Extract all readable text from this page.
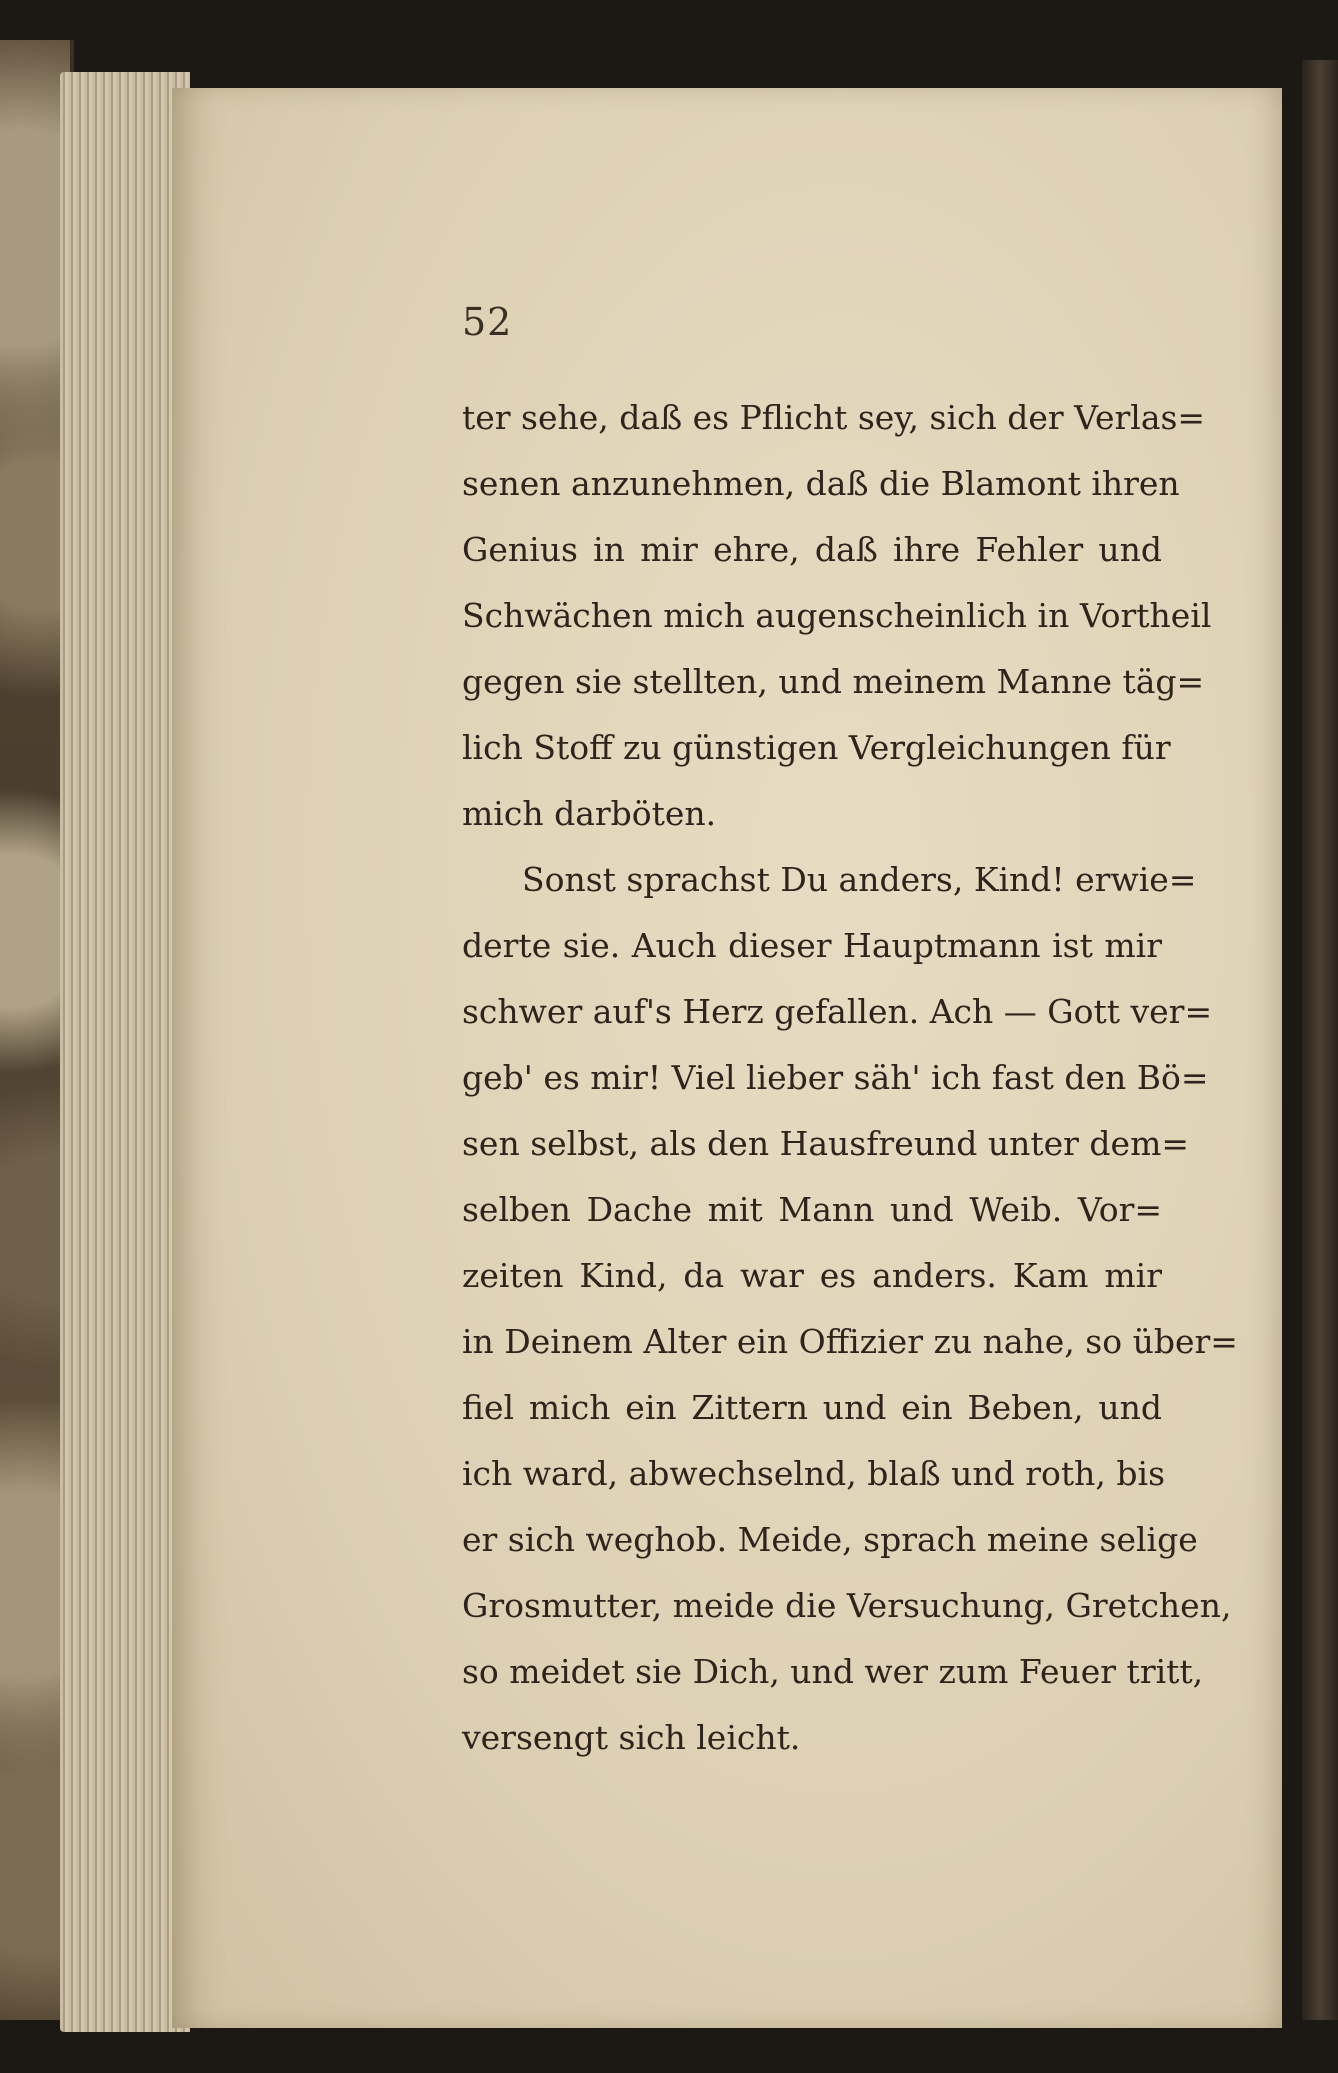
52
ter sehe, daß es Pflicht sey, sich der Verlas=
senen anzunehmen, daß die Blamont ihren
Genius in mir ehre, daß ihre Fehler und
Schwächen mich augenscheinlich in Vortheil
gegen sie stellten, und meinem Manne täg=
lich Stoff zu günstigen Vergleichungen für
mich darböten.
Sonst sprachst Du anders, Kind! erwie=
derte sie. Auch dieser Hauptmann ist mir
schwer auf's Herz gefallen. Ach — Gott ver=
geb' es mir! Viel lieber säh' ich fast den Bö=
sen selbst, als den Hausfreund unter dem=
selben Dache mit Mann und Weib. Vor=
zeiten Kind, da war es anders. Kam mir
in Deinem Alter ein Offizier zu nahe, so über=
fiel mich ein Zittern und ein Beben, und
ich ward, abwechselnd, blaß und roth, bis
er sich weghob. Meide, sprach meine selige
Grosmutter, meide die Versuchung, Gretchen,
so meidet sie Dich, und wer zum Feuer tritt,
versengt sich leicht.
